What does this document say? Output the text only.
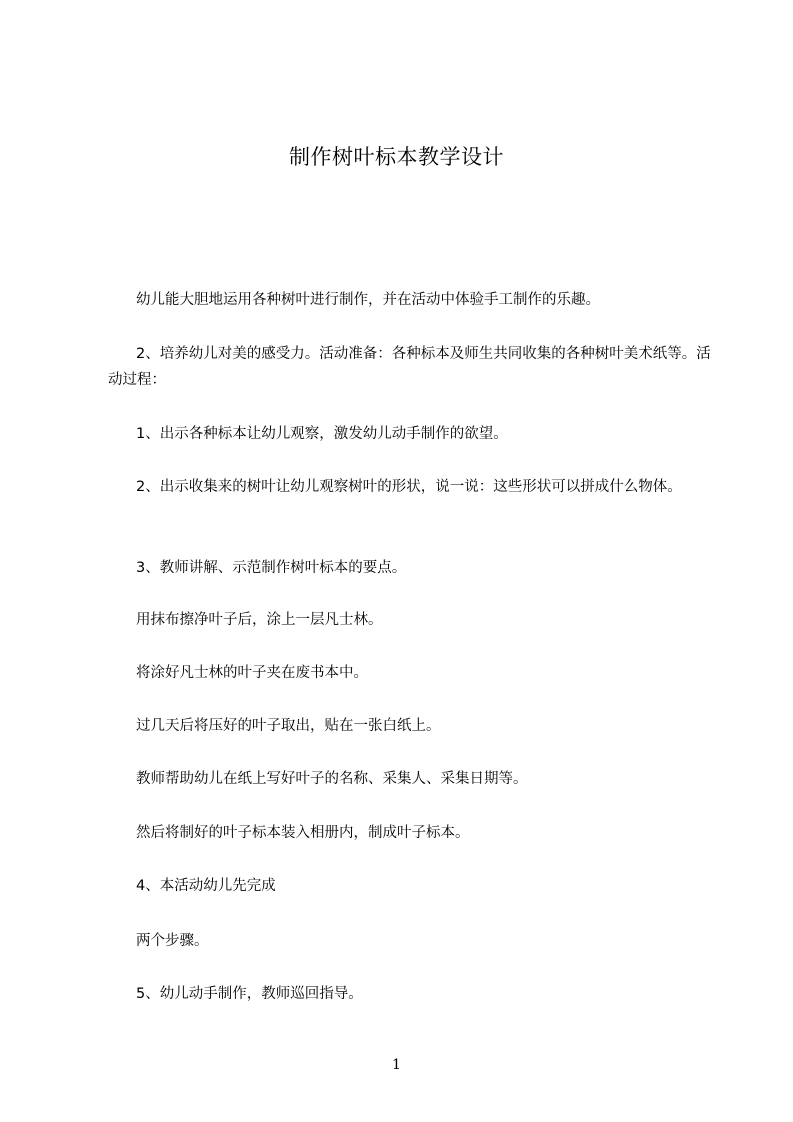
制作树叶标本教学设计

幼儿能大胆地运用各种树叶进行制作，并在活动中体验手工制作的乐趣。

2、培养幼儿对美的感受力。活动准备：各种标本及师生共同收集的各种树叶美术纸等。活动过程：

1、出示各种标本让幼儿观察，激发幼儿动手制作的欲望。

2、出示收集来的树叶让幼儿观察树叶的形状，说一说：这些形状可以拼成什么物体。

3、教师讲解、示范制作树叶标本的要点。

用抹布擦净叶子后，涂上一层凡士林。

将涂好凡士林的叶子夹在废书本中。

过几天后将压好的叶子取出，贴在一张白纸上。

教师帮助幼儿在纸上写好叶子的名称、采集人、采集日期等。

然后将制好的叶子标本装入相册内，制成叶子标本。

4、本活动幼儿先完成

两个步骤。

5、幼儿动手制作，教师巡回指导。

1
